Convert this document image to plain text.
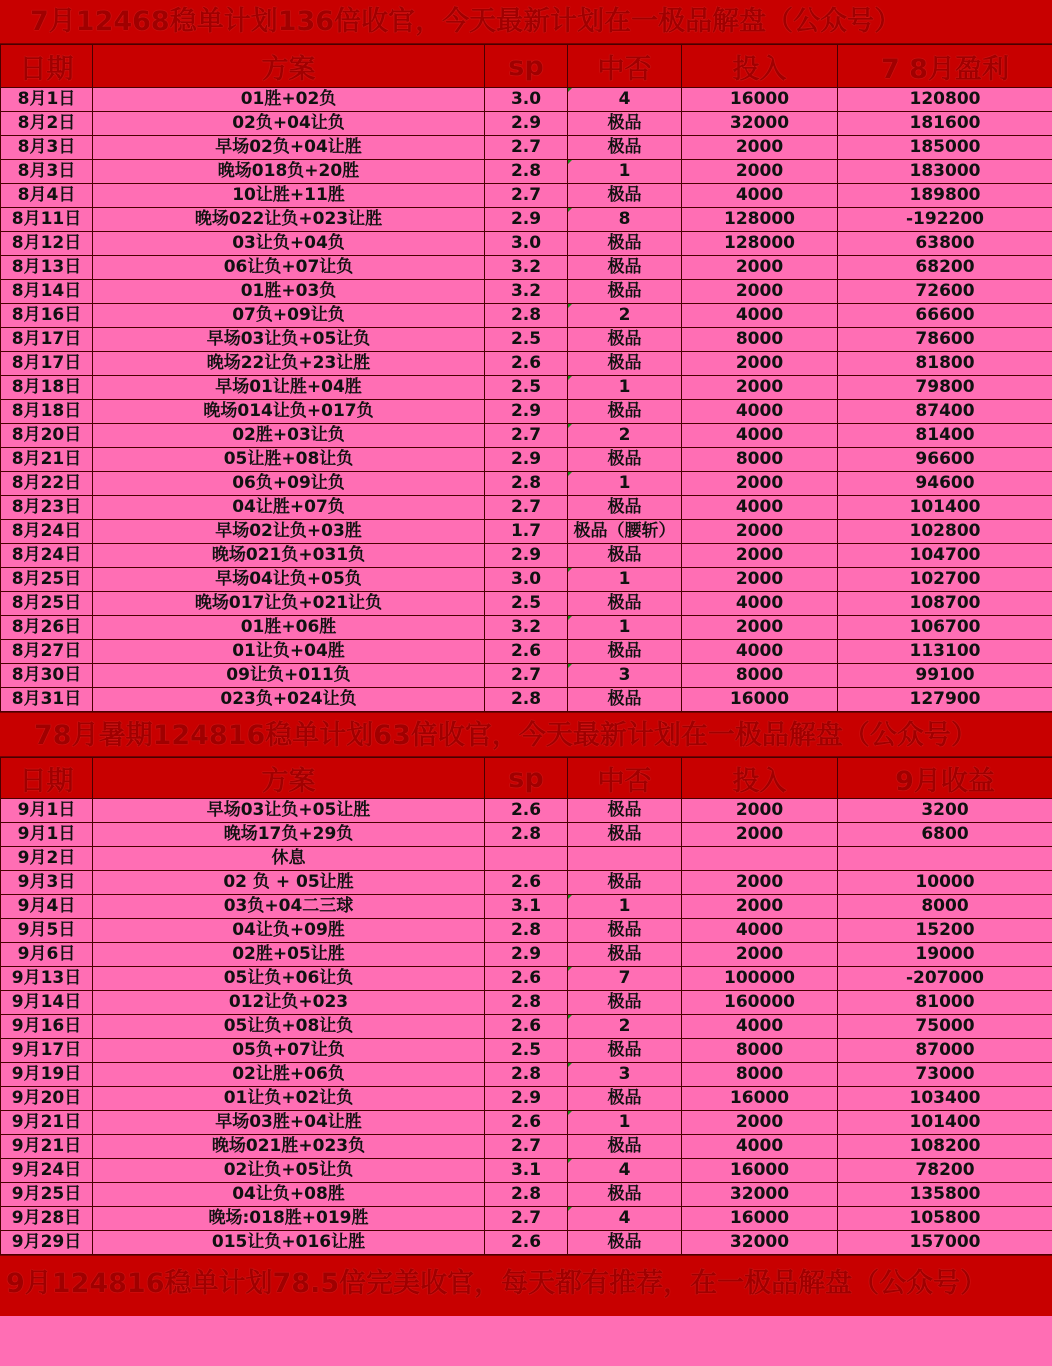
7月12468稳单计划136倍收官，今天最新计划在一极品解盘（公众号）
日期	方案	sp	中否	投入	7 8月盈利
8月1日	01胜+02负	3.0	4	16000	120800
8月2日	02负+04让负	2.9	极品	32000	181600
8月3日	早场02负+04让胜	2.7	极品	2000	185000
8月3日	晚场018负+20胜	2.8	1	2000	183000
8月4日	10让胜+11胜	2.7	极品	4000	189800
8月11日	晚场022让负+023让胜	2.9	8	128000	-192200
8月12日	03让负+04负	3.0	极品	128000	63800
8月13日	06让负+07让负	3.2	极品	2000	68200
8月14日	01胜+03负	3.2	极品	2000	72600
8月16日	07负+09让负	2.8	2	4000	66600
8月17日	早场03让负+05让负	2.5	极品	8000	78600
8月17日	晚场22让负+23让胜	2.6	极品	2000	81800
8月18日	早场01让胜+04胜	2.5	1	2000	79800
8月18日	晚场014让负+017负	2.9	极品	4000	87400
8月20日	02胜+03让负	2.7	2	4000	81400
8月21日	05让胜+08让负	2.9	极品	8000	96600
8月22日	06负+09让负	2.8	1	2000	94600
8月23日	04让胜+07负	2.7	极品	4000	101400
8月24日	早场02让负+03胜	1.7	极品（腰斩）	2000	102800
8月24日	晚场021负+031负	2.9	极品	2000	104700
8月25日	早场04让负+05负	3.0	1	2000	102700
8月25日	晚场017让负+021让负	2.5	极品	4000	108700
8月26日	01胜+06胜	3.2	1	2000	106700
8月27日	01让负+04胜	2.6	极品	4000	113100
8月30日	09让负+011负	2.7	3	8000	99100
8月31日	023负+024让负	2.8	极品	16000	127900
78月暑期124816稳单计划63倍收官，今天最新计划在一极品解盘（公众号）
日期	方案	sp	中否	投入	9月收益
9月1日	早场03让负+05让胜	2.6	极品	2000	3200
9月1日	晚场17负+29负	2.8	极品	2000	6800
9月2日	休息				
9月3日	02 负 + 05让胜	2.6	极品	2000	10000
9月4日	03负+04二三球	3.1	1	2000	8000
9月5日	04让负+09胜	2.8	极品	4000	15200
9月6日	02胜+05让胜	2.9	极品	2000	19000
9月13日	05让负+06让负	2.6	7	100000	-207000
9月14日	012让负+023	2.8	极品	160000	81000
9月16日	05让负+08让负	2.6	2	4000	75000
9月17日	05负+07让负	2.5	极品	8000	87000
9月19日	02让胜+06负	2.8	3	8000	73000
9月20日	01让负+02让负	2.9	极品	16000	103400
9月21日	早场03胜+04让胜	2.6	1	2000	101400
9月21日	晚场021胜+023负	2.7	极品	4000	108200
9月24日	02让负+05让负	3.1	4	16000	78200
9月25日	04让负+08胜	2.8	极品	32000	135800
9月28日	晚场:018胜+019胜	2.7	4	16000	105800
9月29日	015让负+016让胜	2.6	极品	32000	157000
9月124816稳单计划78.5倍完美收官，每天都有推荐，在一极品解盘（公众号）
